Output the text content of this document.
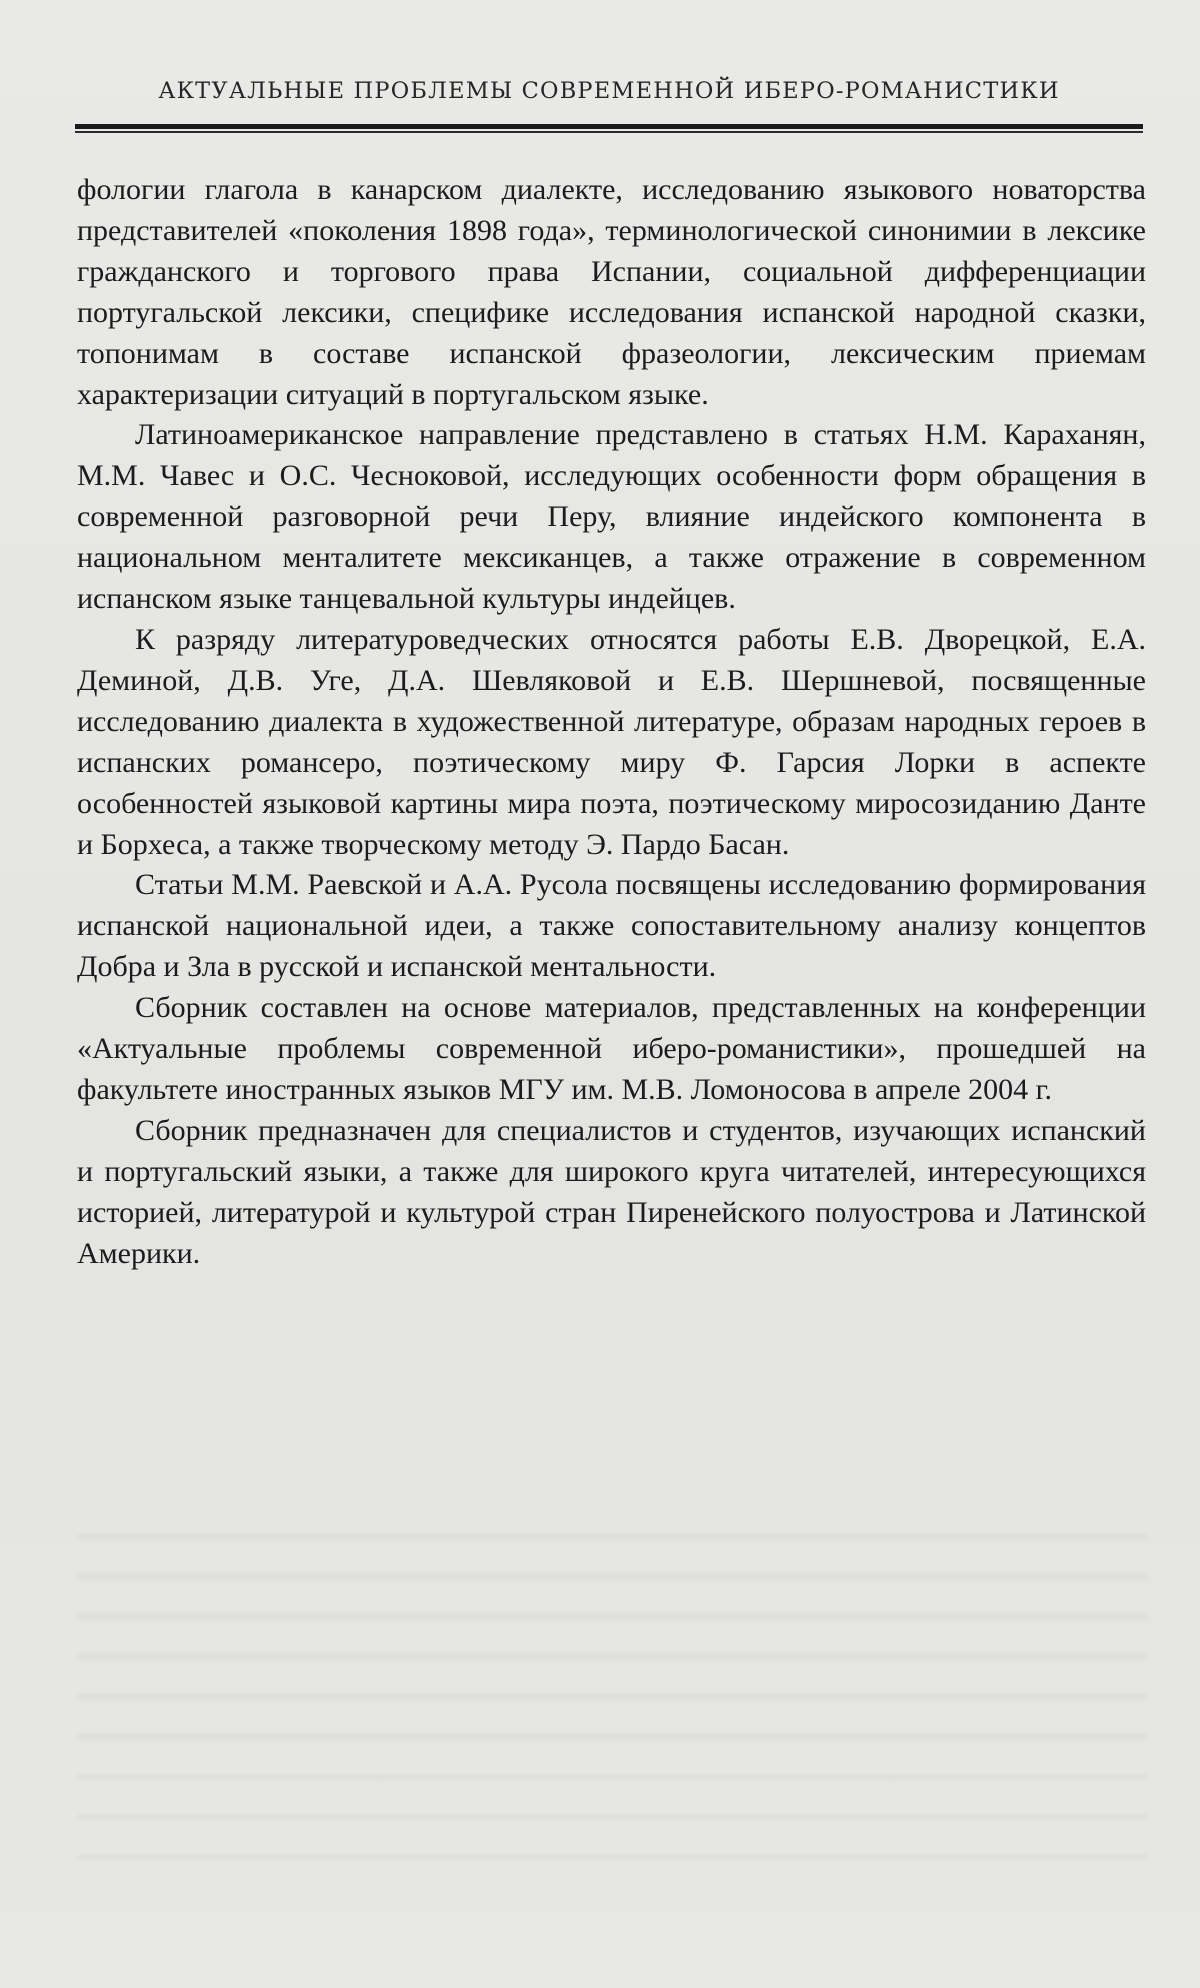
АКТУАЛЬНЫЕ ПРОБЛЕМЫ СОВРЕМЕННОЙ ИБЕРО-РОМАНИСТИКИ

фологии глагола в канарском диалекте, исследованию языкового новаторства представителей «поколения 1898 года», терминологической синонимии в лексике гражданского и торгового права Испании, социальной дифференциации португальской лексики, специфике исследования испанской народной сказки, топонимам в составе испанской фразеологии, лексическим приемам характеризации ситуаций в португальском языке.

Латиноамериканское направление представлено в статьях Н.М. Караханян, М.М. Чавес и О.С. Чесноковой, исследующих особенности форм обращения в современной разговорной речи Перу, влияние индейского компонента в национальном менталитете мексиканцев, а также отражение в современном испанском языке танцевальной культуры индейцев.

К разряду литературоведческих относятся работы Е.В. Дворецкой, Е.А. Деминой, Д.В. Уге, Д.А. Шевляковой и Е.В. Шершневой, посвященные исследованию диалекта в художественной литературе, образам народных героев в испанских романсеро, поэтическому миру Ф. Гарсия Лорки в аспекте особенностей языковой картины мира поэта, поэтическому миросозиданию Данте и Борхеса, а также творческому методу Э. Пардо Басан.

Статьи М.М. Раевской и А.А. Русола посвящены исследованию формирования испанской национальной идеи, а также сопоставительному анализу концептов Добра и Зла в русской и испанской ментальности.

Сборник составлен на основе материалов, представленных на конференции «Актуальные проблемы современной иберо-романистики», прошедшей на факультете иностранных языков МГУ им. М.В. Ломоносова в апреле 2004 г.

Сборник предназначен для специалистов и студентов, изучающих испанский и португальский языки, а также для широкого круга читателей, интересующихся историей, литературой и культурой стран Пиренейского полуострова и Латинской Америки.
